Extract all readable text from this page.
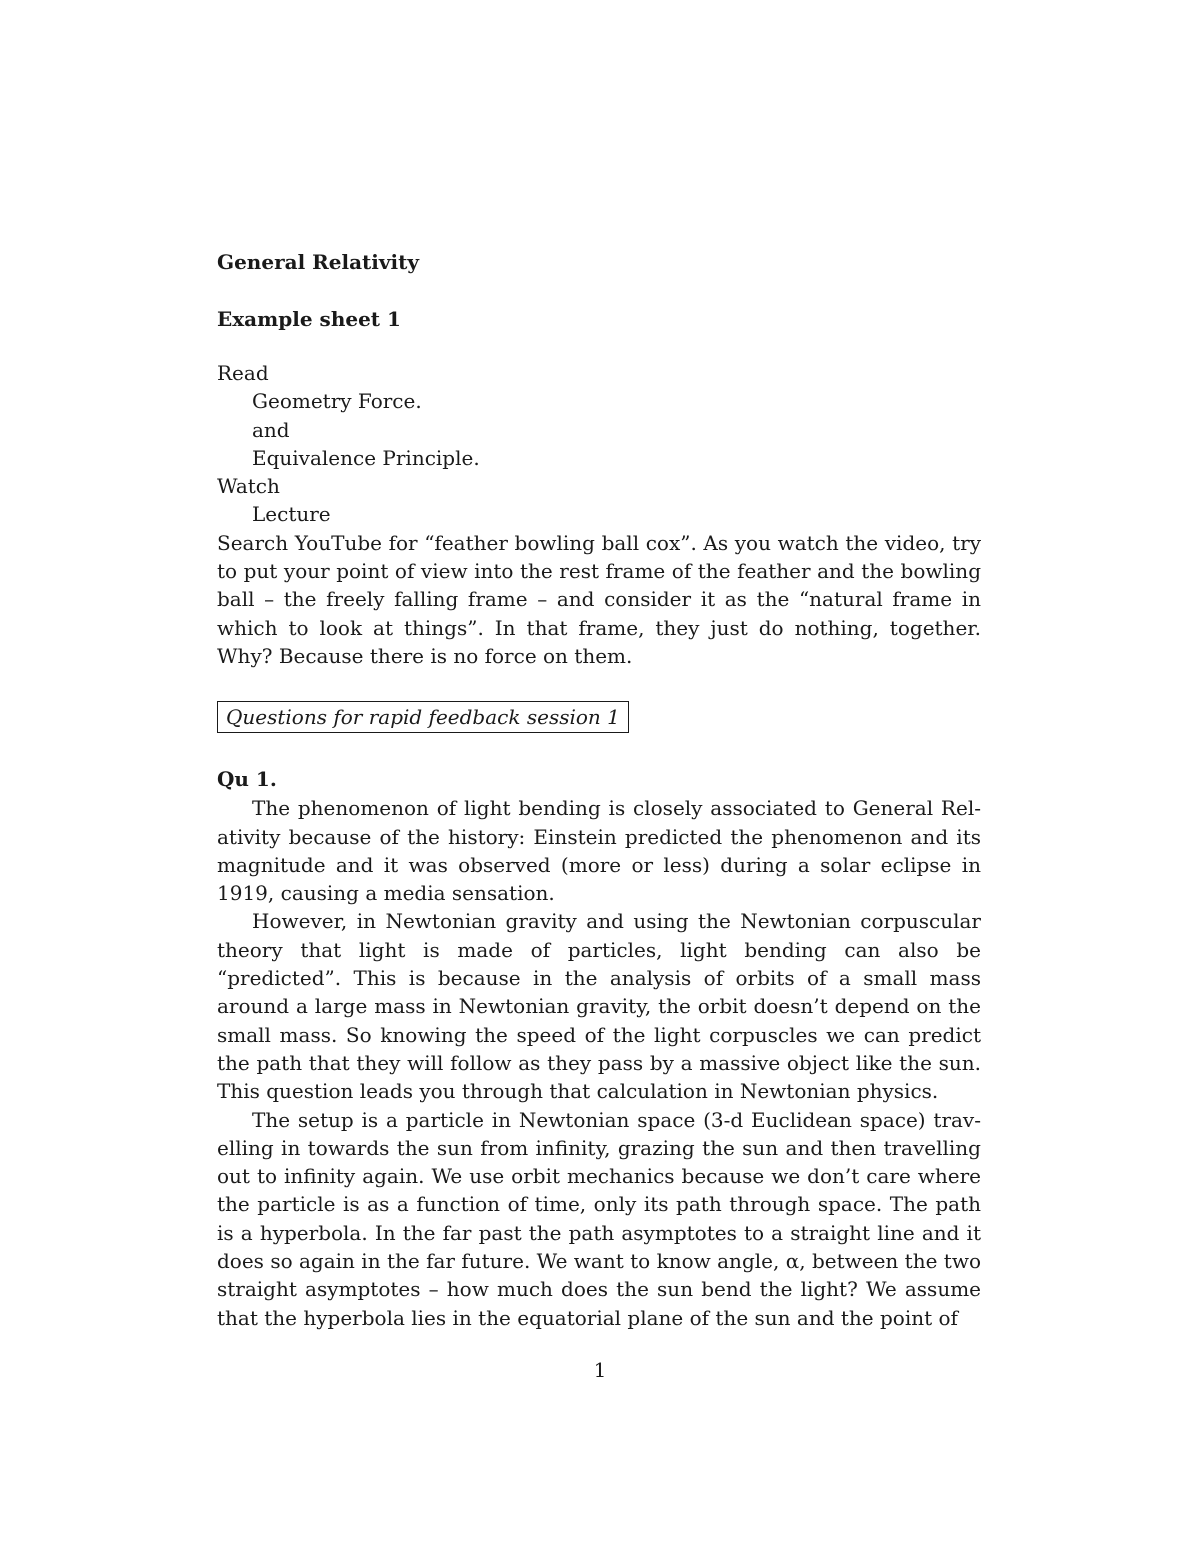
General Relativity

Example sheet 1

Read

Geometry Force.

and

Equivalence Principle.

Watch

Lecture

Search YouTube for “feather bowling ball cox”. As you watch the video, try to put your point of view into the rest frame of the feather and the bowling ball – the freely falling frame – and consider it as the “natural frame in which to look at things”. In that frame, they just do nothing, together. Why? Because there is no force on them.

Questions for rapid feedback session 1

Qu 1.

The phenomenon of light bending is closely associated to General Relativity because of the history: Einstein predicted the phenomenon and its magnitude and it was observed (more or less) during a solar eclipse in 1919, causing a media sensation.

However, in Newtonian gravity and using the Newtonian corpuscular theory that light is made of particles, light bending can also be “predicted”. This is because in the analysis of orbits of a small mass around a large mass in Newtonian gravity, the orbit doesn’t depend on the small mass. So knowing the speed of the light corpuscles we can predict the path that they will follow as they pass by a massive object like the sun. This question leads you through that calculation in Newtonian physics.

The setup is a particle in Newtonian space (3-d Euclidean space) travelling in towards the sun from infinity, grazing the sun and then travelling out to infinity again. We use orbit mechanics because we don’t care where the particle is as a function of time, only its path through space. The path is a hyperbola. In the far past the path asymptotes to a straight line and it does so again in the far future. We want to know angle, α, between the two straight asymptotes – how much does the sun bend the light? We assume that the hyperbola lies in the equatorial plane of the sun and the point of

1
